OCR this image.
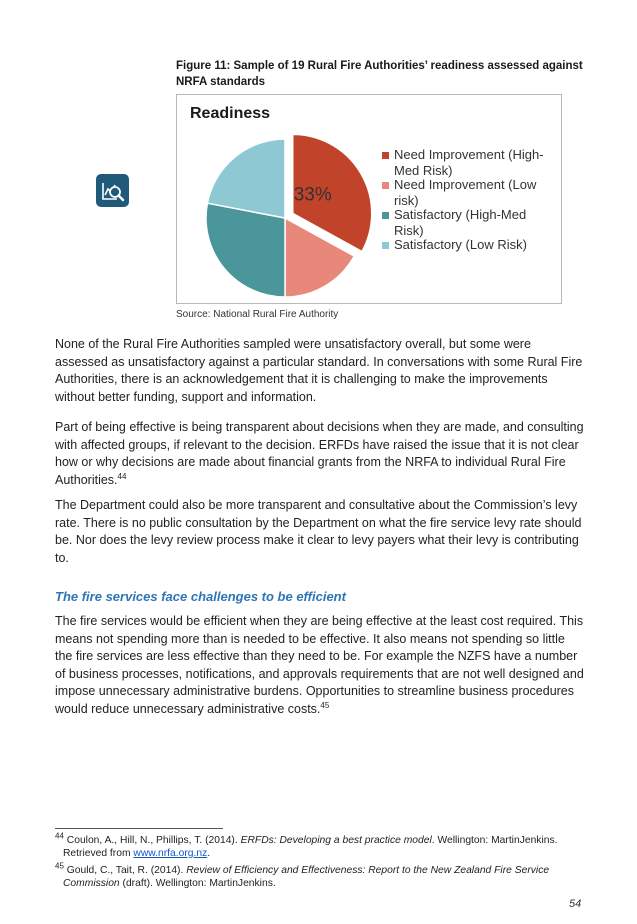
Figure 11: Sample of 19 Rural Fire Authorities’ readiness assessed against
NRFA standards
Readiness
33%
Need Improvement (High-
Med Risk)
Need Improvement (Low
risk)
Satisfactory (High-Med Risk)
Satisfactory (Low Risk)
Source: National Rural Fire Authority

None of the Rural Fire Authorities sampled were unsatisfactory overall, but some were assessed as unsatisfactory against a particular standard. In conversations with some Rural Fire Authorities, there is an acknowledgement that it is challenging to make the improvements without better funding, support and information.

Part of being effective is being transparent about decisions when they are made, and consulting with affected groups, if relevant to the decision. ERFDs have raised the issue that it is not clear how or why decisions are made about financial grants from the NRFA to individual Rural Fire Authorities.$^{44}$

The Department could also be more transparent and consultative about the Commission’s levy rate. There is no public consultation by the Department on what the fire service levy rate should be. Nor does the levy review process make it clear to levy payers what their levy is contributing to.

The fire services face challenges to be efficient

The fire services would be efficient when they are being effective at the least cost required. This means not spending more than is needed to be effective. It also means not spending so little the fire services are less effective than they need to be. For example the NZFS have a number of business processes, notifications, and approvals requirements that are not well designed and impose unnecessary administrative burdens. Opportunities to streamline business procedures would reduce unnecessary administrative costs.$^{45}$

$^{44}$ Coulon, A., Hill, N., Phillips, T. (2014). ERFDs: Developing a best practice model. Wellington: MartinJenkins.
Retrieved from www.nrfa.org.nz.
$^{45}$ Gould, C., Tait, R. (2014). Review of Efficiency and Effectiveness: Report to the New Zealand Fire Service
Commission (draft). Wellington: MartinJenkins.
54
